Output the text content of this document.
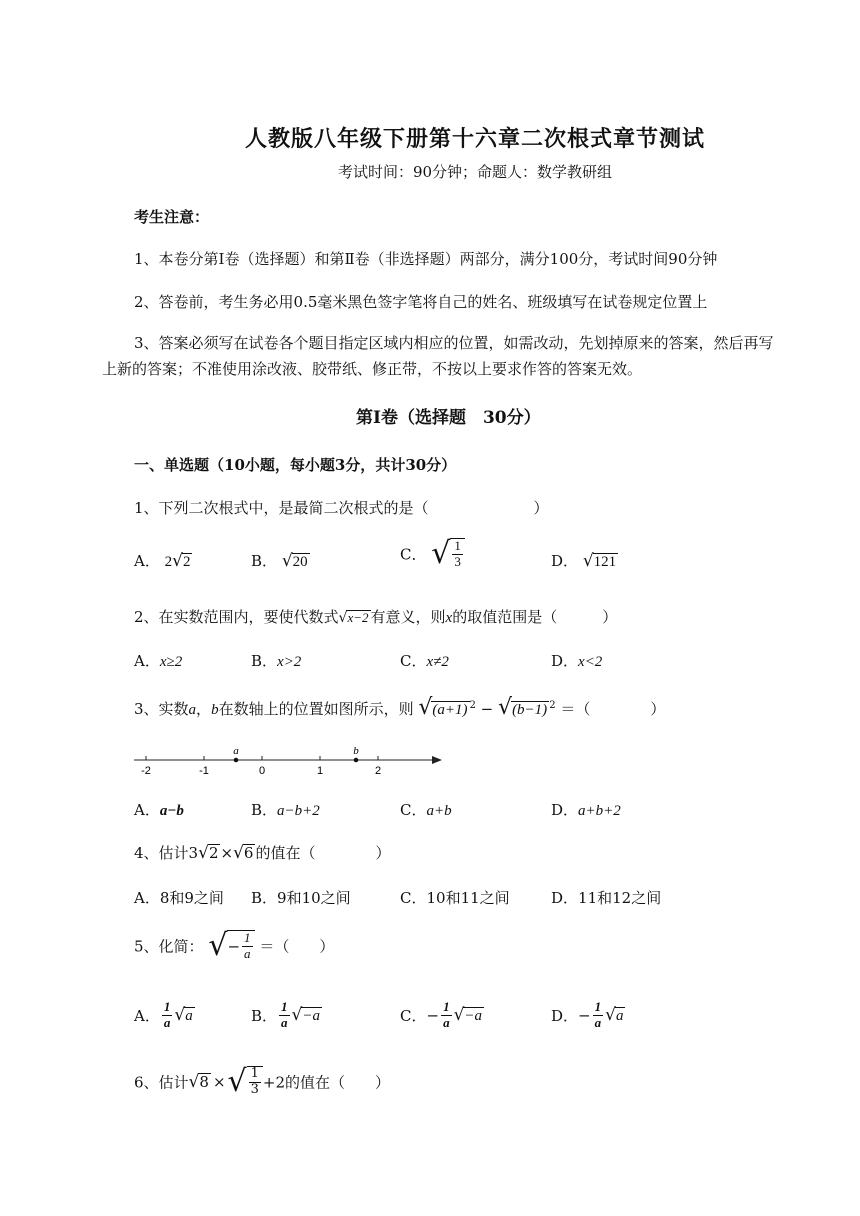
人教版八年级下册第十六章二次根式章节测试
考试时间：90分钟；命题人：数学教研组
考生注意：
1、本卷分第Ⅰ卷（选择题）和第Ⅱ卷（非选择题）两部分，满分100分，考试时间90分钟
2、答卷前，考生务必用0.5毫米黑色签字笔将自己的姓名、班级填写在试卷规定位置上
3、答案必须写在试卷各个题目指定区域内相应的位置，如需改动，先划掉原来的答案，然后再写
上新的答案；不准使用涂改液、胶带纸、修正带，不按以上要求作答的答案无效。
第Ⅰ卷（选择题　30分）
一、单选题（10小题，每小题3分，共计30分）
1、下列二次根式中，是最简二次根式的是（　　　　　　　）
A． 2√2	B． √20	C． √ $\frac{1}{3}$	D． √121
2、在实数范围内，要使代数式√x−2 有意义，则x的取值范围是（　　　）
A．x≥2	B．x>2	C．x≠2	D．x<2
3、实数a，b在数轴上的位置如图所示，则 √(a+1) $^2$ − √(b−1) $^2$ ＝（　　　　）
a	b
-2	-1	0	1	2
A．a−b	B．a−b+2	C．a+b	D．a+b+2
4、估计3√2 ×√6 的值在（　　　　）
A．8和9之间 B．9和10之间	C．10和11之间	D．11和12之间
5、化简： √− $\frac{1}{a}$ ＝（　　）
A． $\frac{1}{a} √a$	B． $\frac{1}{a} √-a$	C．− $\frac{1}{a} √-a$	D．− $\frac{1}{a} √a$
6、估计√8 ×√ $\frac{1}{3} +2$的值在（　　）
